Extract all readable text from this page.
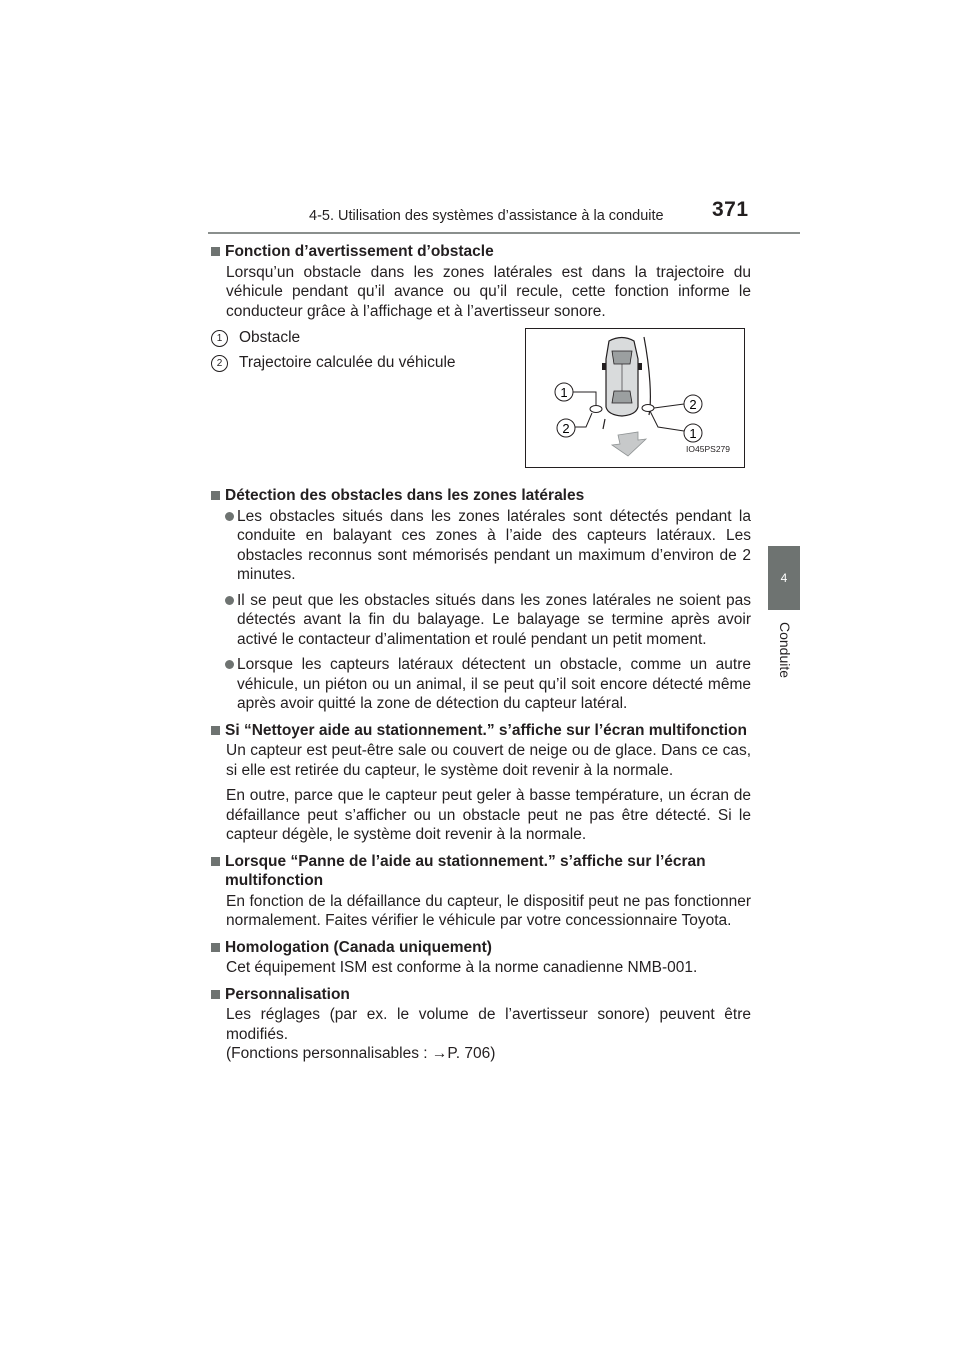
4-5. Utilisation des systèmes d’assistance à la conduite 371
4
Conduite
Fonction d’avertissement d’obstacle
Lorsqu’un obstacle dans les zones latérales est dans la trajectoire du véhicule pendant qu’il avance ou qu’il recule, cette fonction informe le conducteur grâce à l’affichage et à l’avertisseur sonore.
1	Obstacle
2	Trajectoire calculée du véhicule
1
2
2	1
IO45PS279
Détection des obstacles dans les zones latérales
Les obstacles situés dans les zones latérales sont détectés pendant la conduite en balayant ces zones à l’aide des capteurs latéraux. Les obstacles reconnus sont mémorisés pendant un maximum d’environ de 2 minutes.
Il se peut que les obstacles situés dans les zones latérales ne soient pas détectés avant la fin du balayage. Le balayage se termine après avoir activé le contacteur d’alimentation et roulé pendant un petit moment.
Lorsque les capteurs latéraux détectent un obstacle, comme un autre véhicule, un piéton ou un animal, il se peut qu’il soit encore détecté même après avoir quitté la zone de détection du capteur latéral.
Si “Nettoyer aide au stationnement.” s’affiche sur l’écran multifonction
Un capteur est peut-être sale ou couvert de neige ou de glace. Dans ce cas, si elle est retirée du capteur, le système doit revenir à la normale.
En outre, parce que le capteur peut geler à basse température, un écran de défaillance peut s’afficher ou un obstacle peut ne pas être détecté. Si le capteur dégèle, le système doit revenir à la normale.
Lorsque “Panne de l’aide au stationnement.” s’affiche sur l’écran multifonction
En fonction de la défaillance du capteur, le dispositif peut ne pas fonctionner normalement. Faites vérifier le véhicule par votre concessionnaire Toyota.
Homologation (Canada uniquement)
Cet équipement ISM est conforme à la norme canadienne NMB-001.
Personnalisation
Les réglages (par ex. le volume de l’avertisseur sonore) peuvent être modifiés.
(Fonctions personnalisables : →P. 706)
